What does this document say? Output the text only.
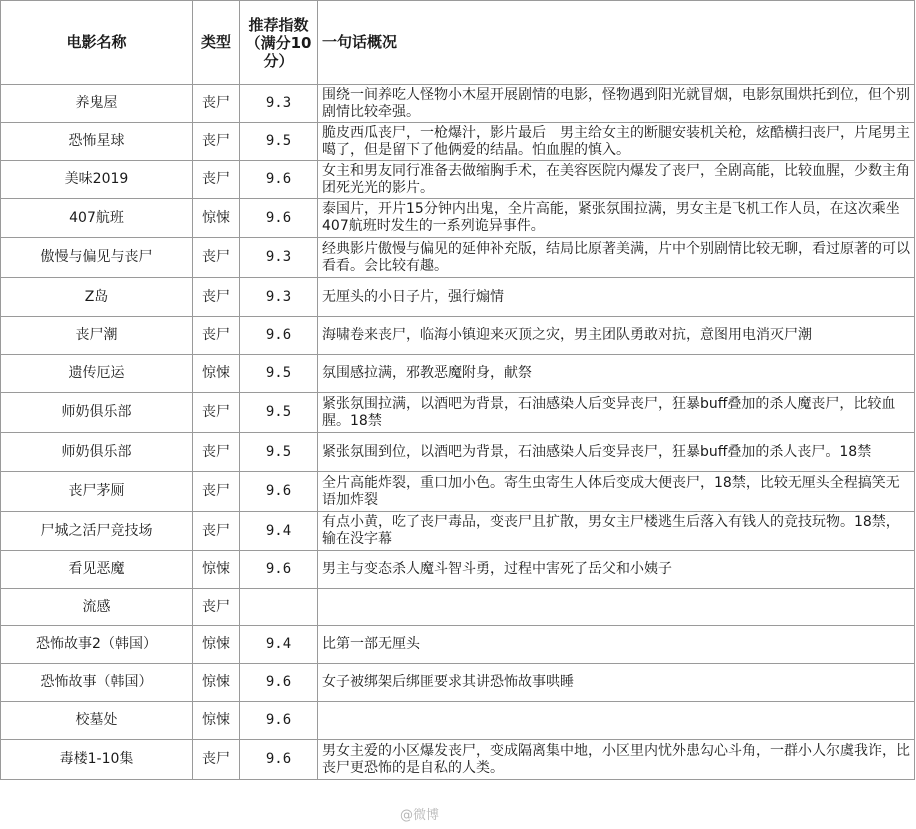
电影名称	类型	推荐指数（满分10分）	一句话概况
养鬼屋	丧尸	9.3	围绕一间养吃人怪物小木屋开展剧情的电影，怪物遇到阳光就冒烟，电影氛围烘托到位，但个别剧情比较牵强。
恐怖星球	丧尸	9.5	脆皮西瓜丧尸，一枪爆汁，影片最后　男主给女主的断腿安装机关枪，炫酷横扫丧尸，片尾男主噶了，但是留下了他俩爱的结晶。怕血腥的慎入。
美味2019	丧尸	9.6	女主和男友同行准备去做缩胸手术，在美容医院内爆发了丧尸，全剧高能，比较血腥，少数主角团死光光的影片。
407航班	惊悚	9.6	泰国片，开片15分钟内出鬼，全片高能，紧张氛围拉满，男女主是飞机工作人员，在这次乘坐407航班时发生的一系列诡异事件。
傲慢与偏见与丧尸	丧尸	9.3	经典影片傲慢与偏见的延伸补充版，结局比原著美满，片中个别剧情比较无聊，看过原著的可以看看。会比较有趣。
Z岛	丧尸	9.3	无厘头的小日子片，强行煽情
丧尸潮	丧尸	9.6	海啸卷来丧尸，临海小镇迎来灭顶之灾，男主团队勇敢对抗，意图用电消灭尸潮
遗传厄运	惊悚	9.5	氛围感拉满，邪教恶魔附身，献祭
师奶俱乐部	丧尸	9.5	紧张氛围拉满，以酒吧为背景，石油感染人后变异丧尸，狂暴buff叠加的杀人魔丧尸，比较血腥。18禁
师奶俱乐部	丧尸	9.5	紧张氛围到位，以酒吧为背景，石油感染人后变异丧尸，狂暴buff叠加的杀人丧尸。18禁
丧尸茅厕	丧尸	9.6	全片高能炸裂，重口加小色。寄生虫寄生人体后变成大便丧尸，18禁，比较无厘头全程搞笑无语加炸裂
尸城之活尸竞技场	丧尸	9.4	有点小黄，吃了丧尸毒品，变丧尸且扩散，男女主尸楼逃生后落入有钱人的竞技玩物。18禁，输在没字幕
看见恶魔	惊悚	9.6	男主与变态杀人魔斗智斗勇，过程中害死了岳父和小姨子
流感	丧尸		
恐怖故事2（韩国）	惊悚	9.4	比第一部无厘头
恐怖故事（韩国）	惊悚	9.6	女子被绑架后绑匪要求其讲恐怖故事哄睡
校墓处	惊悚	9.6	
毒楼1-10集	丧尸	9.6	男女主爱的小区爆发丧尸，变成隔离集中地，小区里内忧外患勾心斗角，一群小人尔虞我诈，比丧尸更恐怖的是自私的人类。
@微博
